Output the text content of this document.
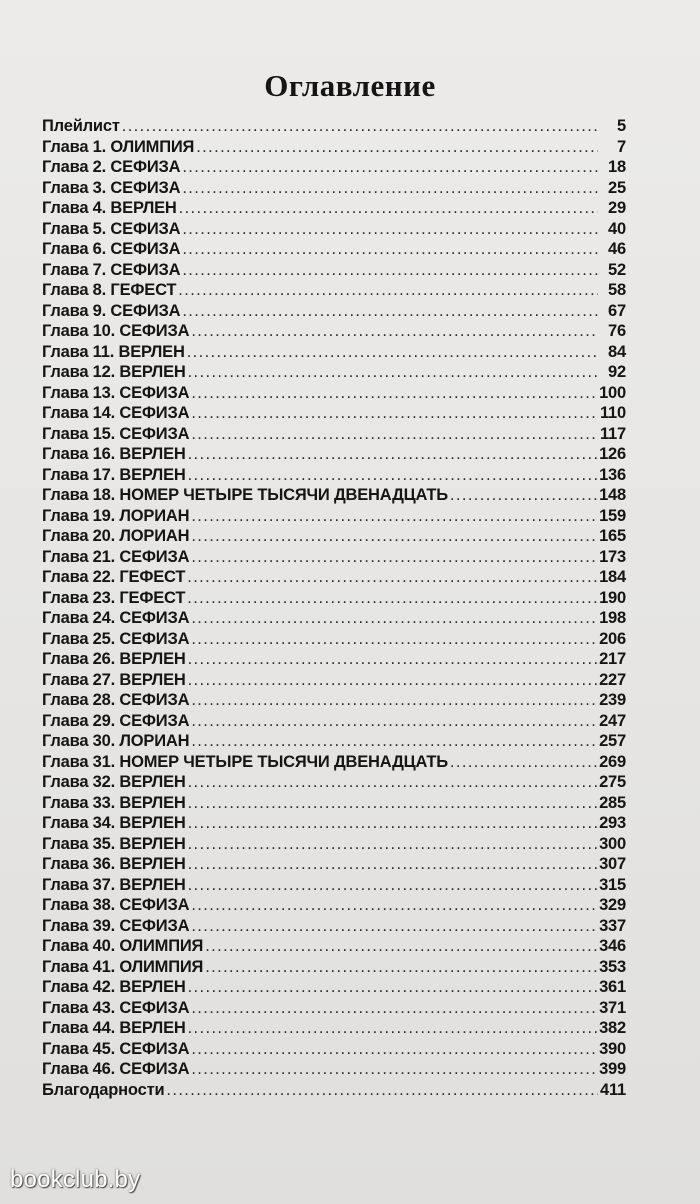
Оглавление
Плейлист . . .	5
Глава 1. ОЛИМПИЯ . . .	7
Глава 2. СЕФИЗА . . .	18
Глава 3. СЕФИЗА . . .	25
Глава 4. ВЕРЛЕН . . .	29
Глава 5. СЕФИЗА . . .	40
Глава 6. СЕФИЗА . . .	46
Глава 7. СЕФИЗА . . .	52
Глава 8. ГЕФЕСТ . . .	58
Глава 9. СЕФИЗА . . .	67
Глава 10. СЕФИЗА . . .	76
Глава 11. ВЕРЛЕН . . .	84
Глава 12. ВЕРЛЕН . . .	92
Глава 13. СЕФИЗА . . .	100
Глава 14. СЕФИЗА . . .	110
Глава 15. СЕФИЗА . . .	117
Глава 16. ВЕРЛЕН . . .	126
Глава 17. ВЕРЛЕН . . .	136
Глава 18. НОМЕР ЧЕТЫРЕ ТЫСЯЧИ ДВЕНАДЦАТЬ . . .	148
Глава 19. ЛОРИАН . . .	159
Глава 20. ЛОРИАН . . .	165
Глава 21. СЕФИЗА . . .	173
Глава 22. ГЕФЕСТ . . .	184
Глава 23. ГЕФЕСТ . . .	190
Глава 24. СЕФИЗА . . .	198
Глава 25. СЕФИЗА . . .	206
Глава 26. ВЕРЛЕН . . .	217
Глава 27. ВЕРЛЕН . . .	227
Глава 28. СЕФИЗА . . .	239
Глава 29. СЕФИЗА . . .	247
Глава 30. ЛОРИАН . . .	257
Глава 31. НОМЕР ЧЕТЫРЕ ТЫСЯЧИ ДВЕНАДЦАТЬ . . .	269
Глава 32. ВЕРЛЕН . . .	275
Глава 33. ВЕРЛЕН . . .	285
Глава 34. ВЕРЛЕН . . .	293
Глава 35. ВЕРЛЕН . . .	300
Глава 36. ВЕРЛЕН . . .	307
Глава 37. ВЕРЛЕН . . .	315
Глава 38. СЕФИЗА . . .	329
Глава 39. СЕФИЗА . . .	337
Глава 40. ОЛИМПИЯ . . .	346
Глава 41. ОЛИМПИЯ . . .	353
Глава 42. ВЕРЛЕН . . .	361
Глава 43. СЕФИЗА . . .	371
Глава 44. ВЕРЛЕН . . .	382
Глава 45. СЕФИЗА . . .	390
Глава 46. СЕФИЗА . . .	399
Благодарности . . .	411
bookclub.by
